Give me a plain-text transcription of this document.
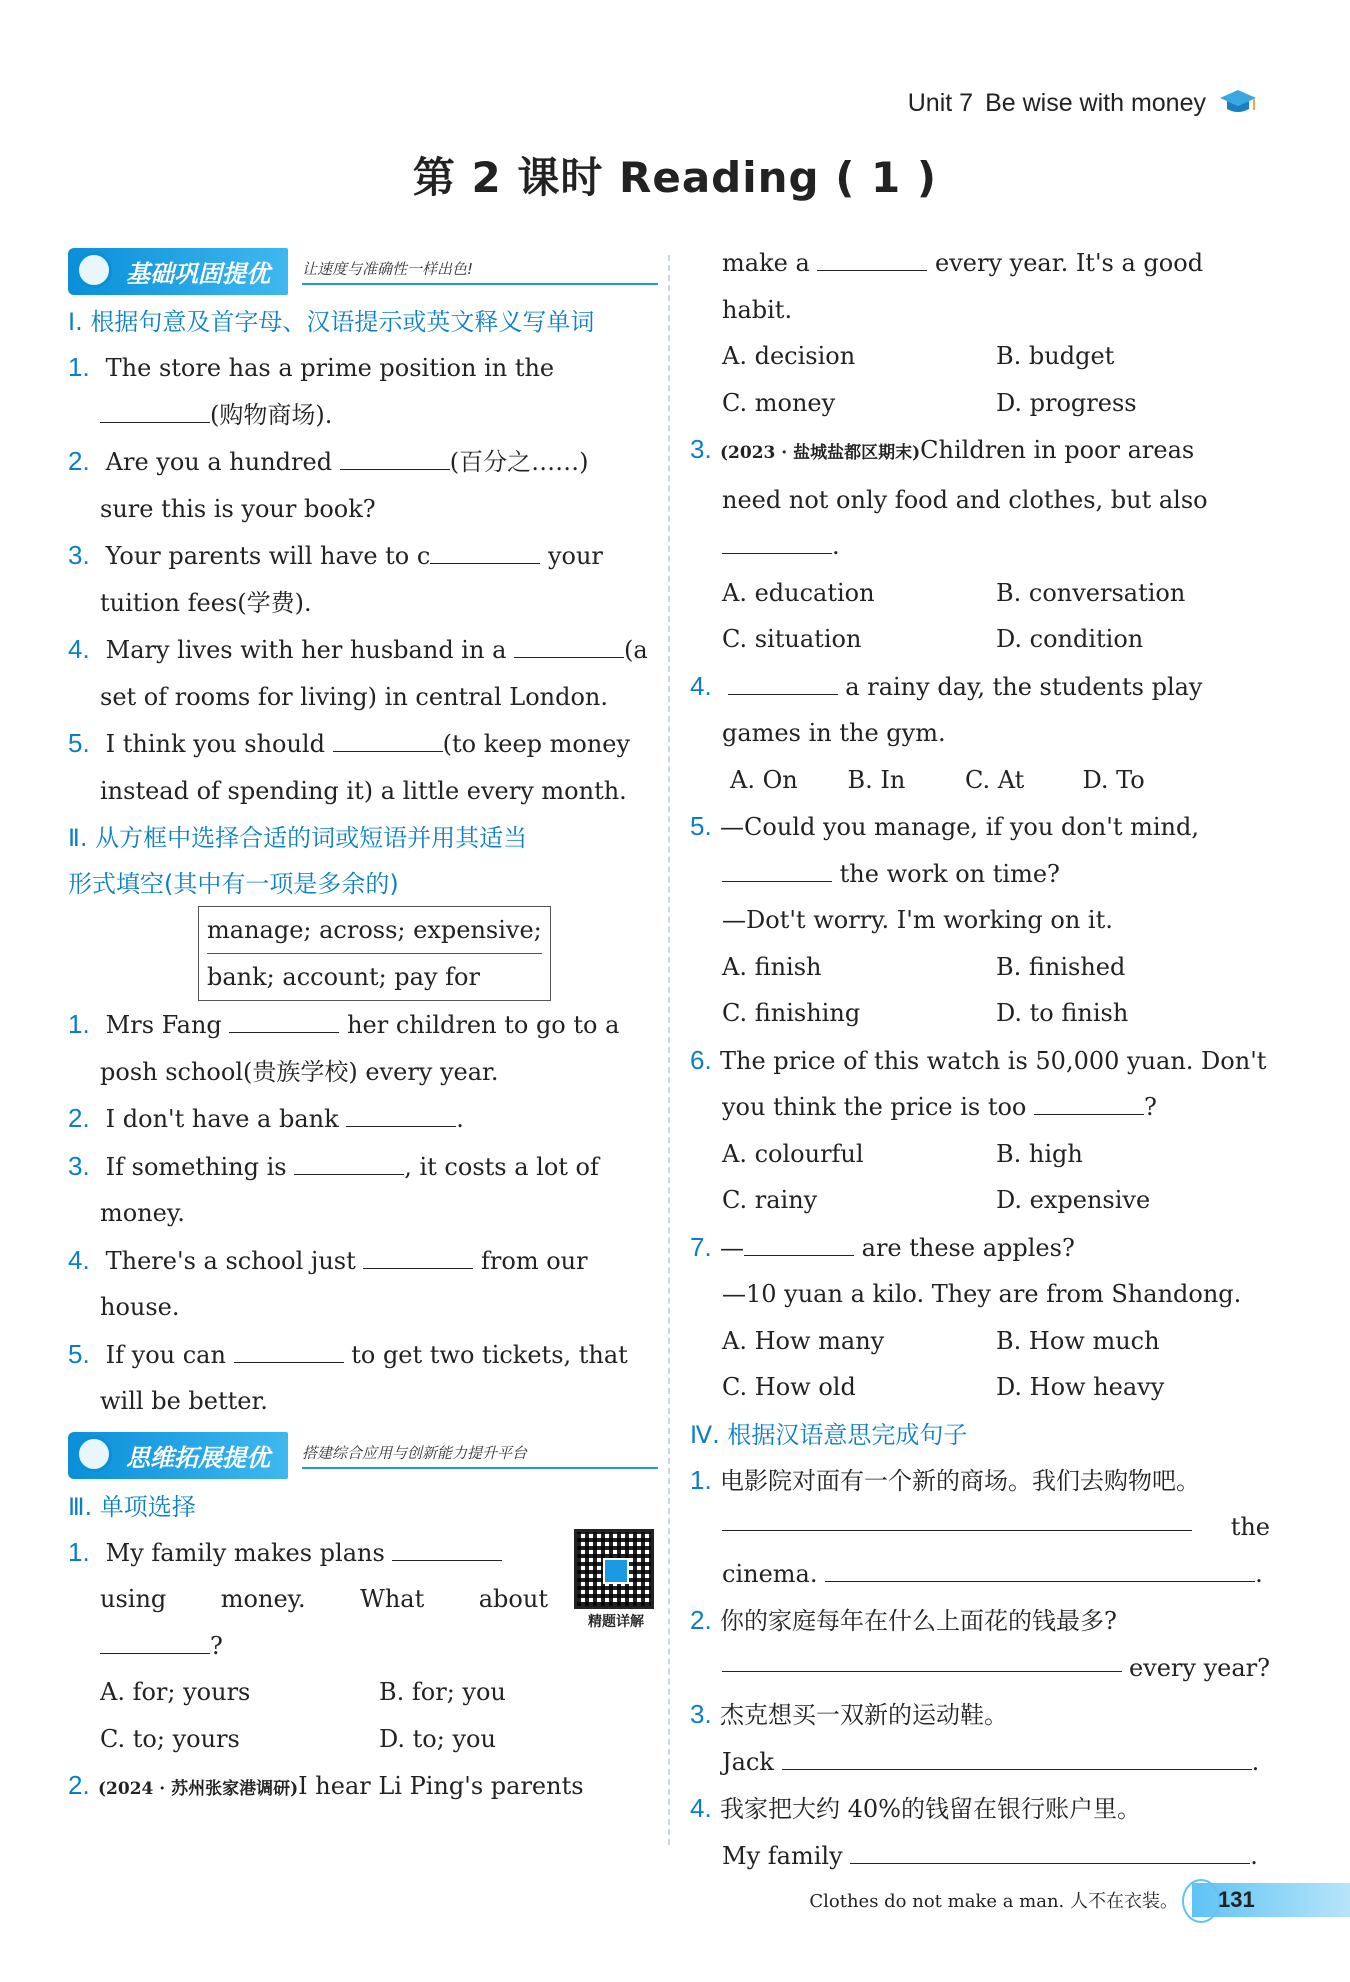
Unit 7 Be wise with money
第 2 课时 Reading ( 1 )
基础巩固提优	让速度与准确性一样出色!
Ⅰ. 根据句意及首字母、汉语提示或英文释义写单词
1. The store has a prime position in the
(购物商场).
2. Are you a hundred	(百分之……)
sure this is your book?
3. Your parents will have to c	your
tuition fees(学费).
4. Mary lives with her husband in a	(a
set of rooms for living) in central London.
5. I think you should	(to keep money
instead of spending it) a little every month.
Ⅱ. 从方框中选择合适的词或短语并用其适当
形式填空(其中有一项是多余的)
manage; across; expensive;
bank; account; pay for
1. Mrs Fang	her children to go to a
posh school(贵族学校) every year.
2. I don't have a bank	.
3. If something is	, it costs a lot of
money.
4. There's a school just	from our
house.
5. If you can	to get two tickets, that
will be better.
思维拓展提优	搭建综合应用与创新能力提升平台
Ⅲ. 单项选择
精题详解
1. My family makes plans
using money. What about
?
A. for; yours	B. for; you
C. to; yours	D. to; you
2. (2024 · 苏州张家港调研)I hear Li Ping's parents
make a	every year. It's a good
habit.
A. decision	B. budget
C. money	D. progress
3. (2023 · 盐城盐都区期末)Children in poor areas
need not only food and clothes, but also
.
A. education	B. conversation
C. situation	D. condition
4.	a rainy day, the students play
games in the gym.
A. On	B. In	C. At	D. To
5. —Could you manage, if you don't mind,
the work on time?
—Dot't worry. I'm working on it.
A. finish	B. finished
C. finishing	D. to finish
6. The price of this watch is 50,000 yuan. Don't
you think the price is too	?
A. colourful	B. high
C. rainy	D. expensive
7. —	are these apples?
—10 yuan a kilo. They are from Shandong.
A. How many	B. How much
C. How old	D. How heavy
Ⅳ. 根据汉语意思完成句子
1. 电影院对面有一个新的商场。我们去购物吧。
the
cinema.	.
2. 你的家庭每年在什么上面花的钱最多?
every year?
3. 杰克想买一双新的运动鞋。
Jack	.
4. 我家把大约 40%的钱留在银行账户里。
My family	.
Clothes do not make a man. 人不在衣装。	131
